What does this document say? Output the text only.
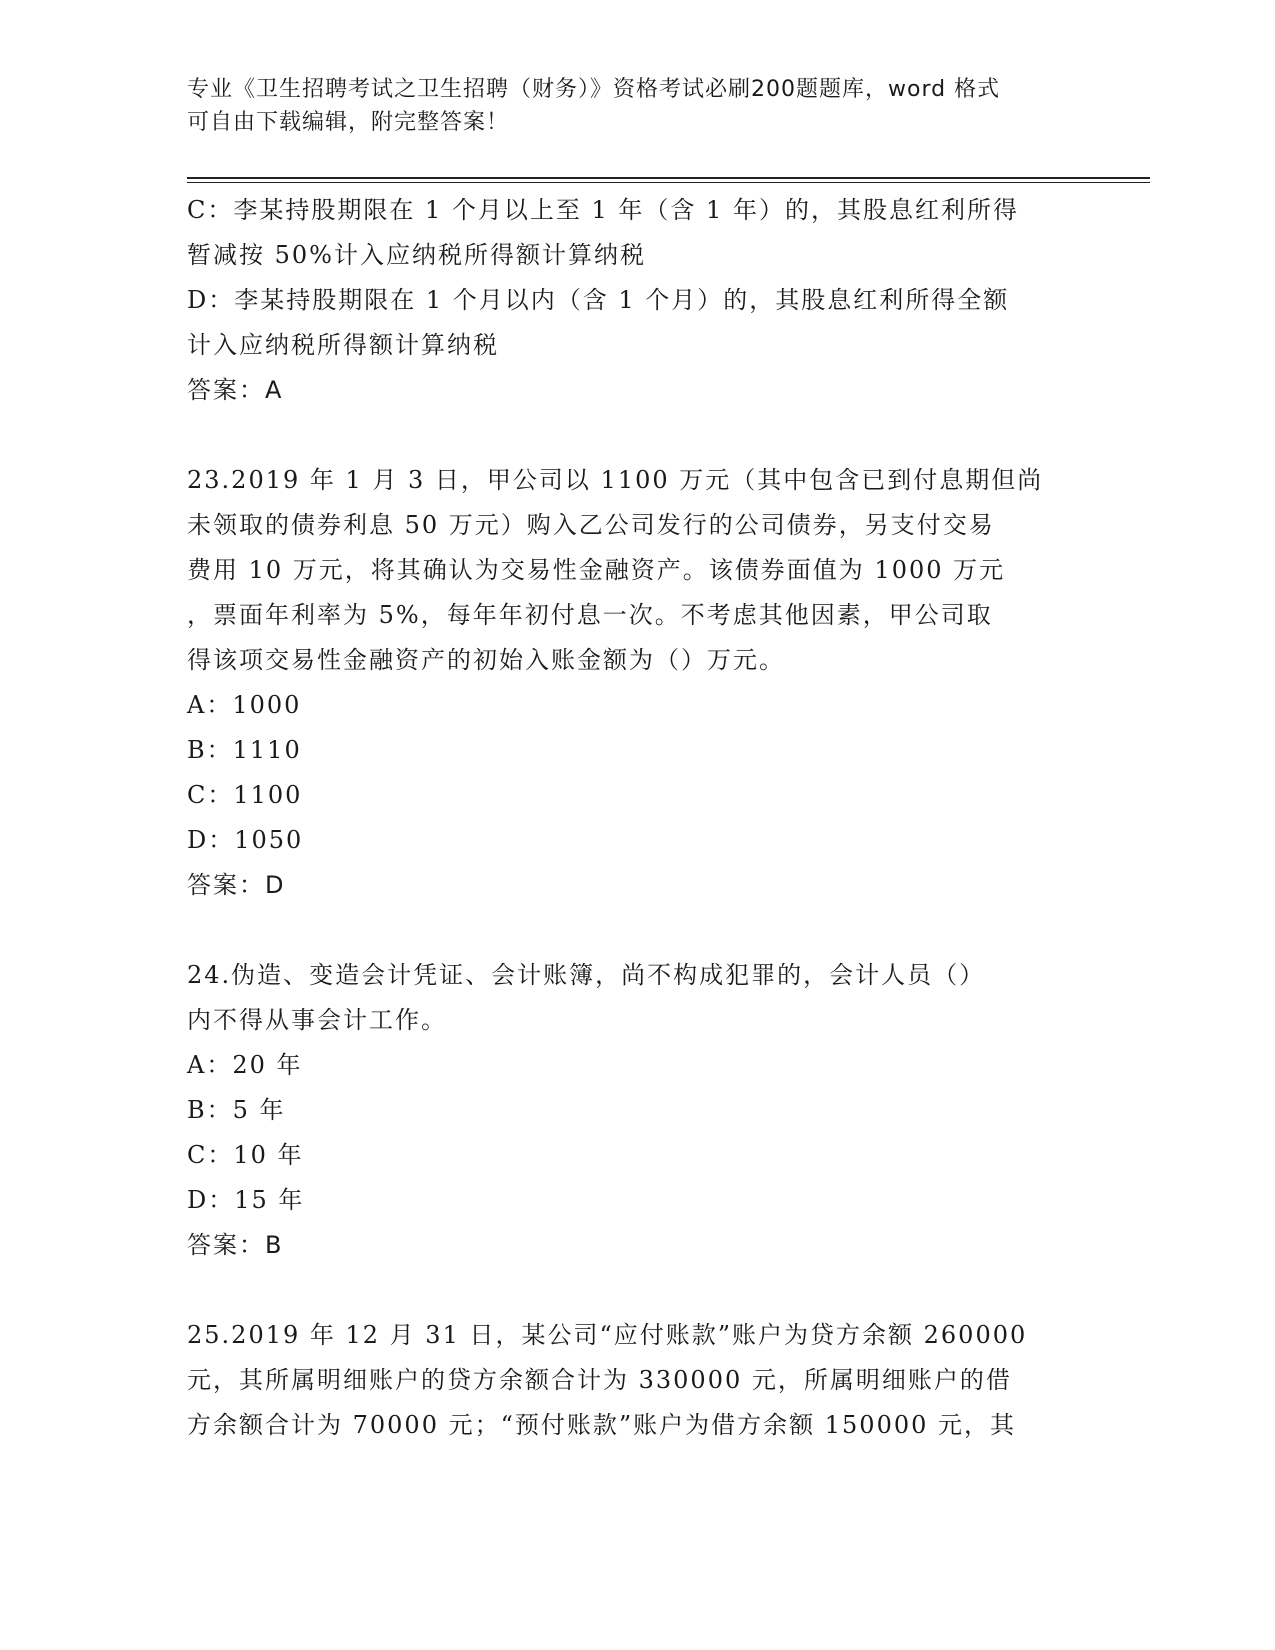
专业《卫生招聘考试之卫生招聘（财务）》资格考试必刷200题题库，word 格式
可自由下载编辑，附完整答案！

C：李某持股期限在 1 个月以上至 1 年（含 1 年）的，其股息红利所得

暂减按 50%计入应纳税所得额计算纳税

D：李某持股期限在 1 个月以内（含 1 个月）的，其股息红利所得全额

计入应纳税所得额计算纳税

答案：A

23.2019 年 1 月 3 日，甲公司以 1100 万元（其中包含已到付息期但尚

未领取的债券利息 50 万元）购入乙公司发行的公司债券，另支付交易

费用 10 万元，将其确认为交易性金融资产。该债券面值为 1000 万元

，票面年利率为 5%，每年年初付息一次。不考虑其他因素，甲公司取

得该项交易性金融资产的初始入账金额为（）万元。

A：1000

B：1110

C：1100

D：1050

答案：D

24.伪造、变造会计凭证、会计账簿，尚不构成犯罪的，会计人员（）

内不得从事会计工作。

A：20 年

B：5 年

C：10 年

D：15 年

答案：B

25.2019 年 12 月 31 日，某公司“应付账款”账户为贷方余额 260000

元，其所属明细账户的贷方余额合计为 330000 元，所属明细账户的借

方余额合计为 70000 元；“预付账款”账户为借方余额 150000 元，其
